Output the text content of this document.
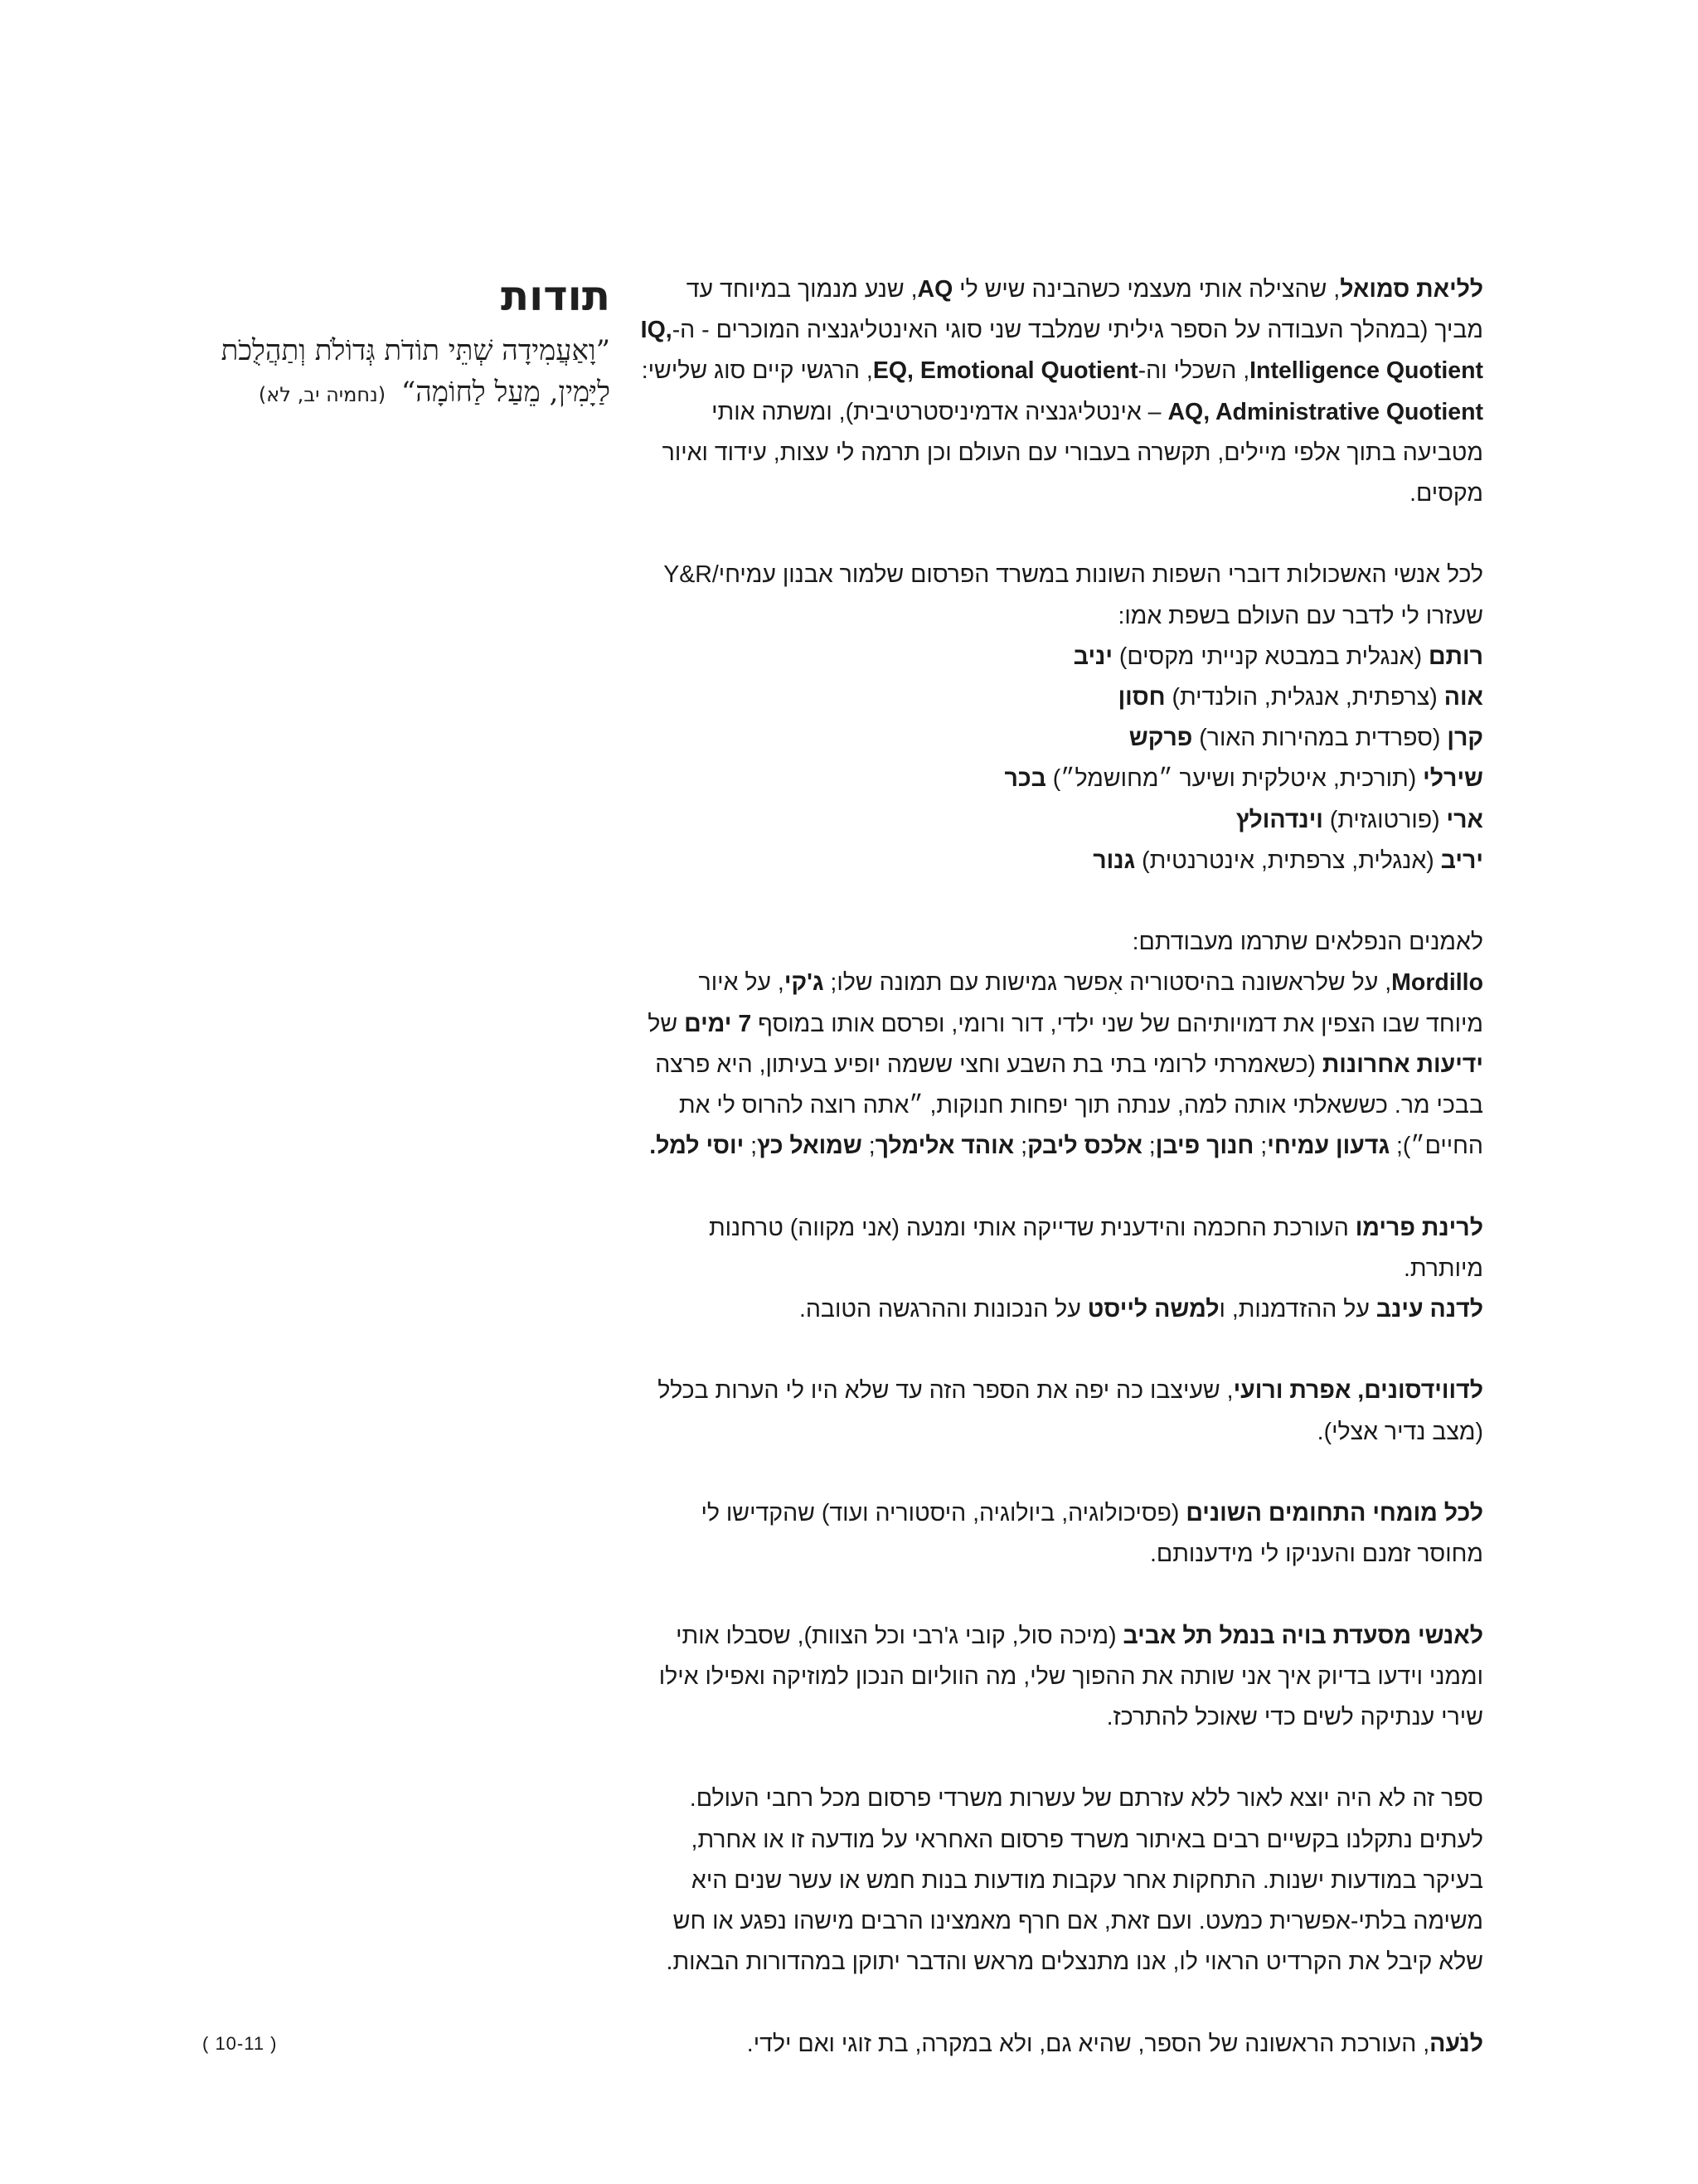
תודות
”וָאַעֲמִידָה שְׁתֵּי תוֹדֹת גְּדוֹלֹת וְתַהֲלֻכֹת לַיָּמִין, מֵעַל לַחוֹמָה“ (נחמיה יב, לא)

לליאת סמואל, שהצילה אותי מעצמי כשהבינה שיש לי AQ, שנע מנמוך במיוחד עד מביך (במהלך העבודה על הספר גיליתי שמלבד שני סוגי האינטליגנציה המוכרים - ה-IQ, Intelligence Quotient, השכלי וה-EQ, Emotional Quotient, הרגשי קיים סוג שלישי: AQ, Administrative Quotient – אינטליגנציה אדמיניסטרטיבית), ומשתה אותי מטביעה בתוך אלפי מיילים, תקשרה בעבורי עם העולם וכן תרמה לי עצות, עידוד ואיור מקסים.

לכל אנשי האשכולות דוברי השפות השונות במשרד הפרסום שלמור אבנון עמיחי/Y&R שעזרו לי לדבר עם העולם בשפת אמו:
רותם (אנגלית במבטא קנייתי מקסים) יניב
אוה (צרפתית, אנגלית, הולנדית) חסון
קרן (ספרדית במהירות האור) פרקש
שירלי (תורכית, איטלקית ושיער ״מחושמל״) בכר
ארי (פורטוגזית) וינדהולץ
יריב (אנגלית, צרפתית, אינטרנטית) גנור

לאמנים הנפלאים שתרמו מעבודתם:
Mordillo, על שלראשונה בהיסטוריה אִפשר גמישות עם תמונה שלו; ג'קי, על איור מיוחד שבו הצפין את דמויותיהם של שני ילדי, דור ורומי, ופרסם אותו במוסף 7 ימים של ידיעות אחרונות (כשאמרתי לרומי בתי בת השבע וחצי ששמה יופיע בעיתון, היא פרצה בבכי מר. כששאלתי אותה למה, ענתה תוך יפחות חנוקות, ״אתה רוצה להרוס לי את החיים״); גדעון עמיחי; חנוך פיבן; אלכס ליבק; אוהד אלימלך; שמואל כץ; יוסי למל.

לרינת פרימו העורכת החכמה והידענית שדייקה אותי ומנעה (אני מקווה) טרחנות מיותרת.
לדנה עינב על ההזדמנות, ולמשה לייסט על הנכונות וההרגשה הטובה.

לדווידסונים, אפרת ורועי, שעיצבו כה יפה את הספר הזה עד שלא היו לי הערות בכלל (מצב נדיר אצלי).

לכל מומחי התחומים השונים (פסיכולוגיה, ביולוגיה, היסטוריה ועוד) שהקדישו לי מחוסר זמנם והעניקו לי מידענותם.

לאנשי מסעדת בויה בנמל תל אביב (מיכה סול, קובי ג'רבי וכל הצוות), שסבלו אותי וממני וידעו בדיוק איך אני שותה את ההפוך שלי, מה הווליום הנכון למוזיקה ואפילו אילו שירי ענתיקה לשים כדי שאוכל להתרכז.

ספר זה לא היה יוצא לאור ללא עזרתם של עשרות משרדי פרסום מכל רחבי העולם. לעתים נתקלנו בקשיים רבים באיתור משרד פרסום האחראי על מודעה זו או אחרת, בעיקר במודעות ישנות. התחקות אחר עקבות מודעות בנות חמש או עשר שנים היא משימה בלתי-אפשרית כמעט. ועם זאת, אם חרף מאמצינו הרבים מישהו נפגע או חש שלא קיבל את הקרדיט הראוי לו, אנו מתנצלים מראש והדבר יתוקן במהדורות הבאות.

לנֹעה, העורכת הראשונה של הספר, שהיא גם, ולא במקרה, בת זוגי ואם ילדי.

( 10-11 )
